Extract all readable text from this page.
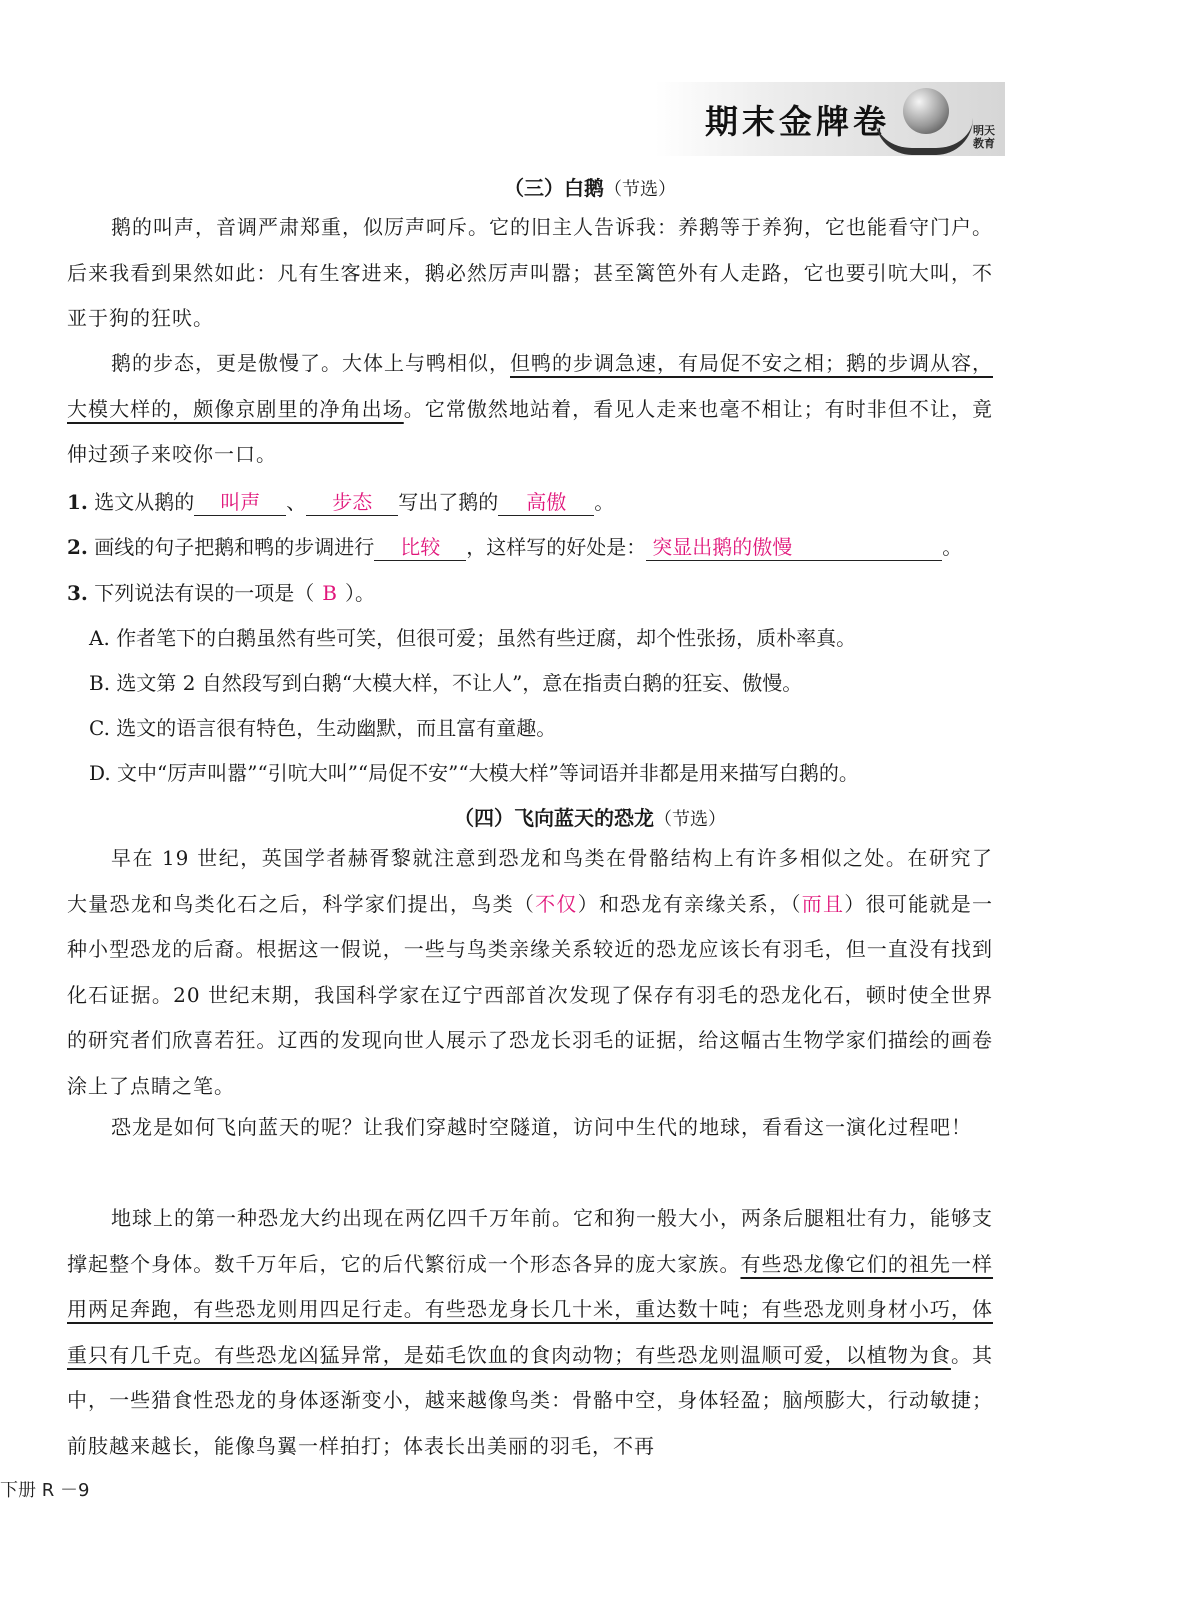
期末金牌卷	明天
教育
（三）白鹅（节选）

鹅的叫声，音调严肃郑重，似厉声呵斥。它的旧主人告诉我：养鹅等于养狗，它也能看守门户。后来我看到果然如此：凡有生客进来，鹅必然厉声叫嚣；甚至篱笆外有人走路，它也要引吭大叫，不亚于狗的狂吠。

鹅的步态，更是傲慢了。大体上与鸭相似，但鸭的步调急速，有局促不安之相；鹅的步调从容，大模大样的，颇像京剧里的净角出场。它常傲然地站着，看见人走来也毫不相让；有时非但不让，竟伸过颈子来咬你一口。

1. 选文从鹅的 叫声 、 步态 写出了鹅的 高傲 。
2. 画线的句子把鹅和鸭的步调进行 比较 ，这样写的好处是： 突显出鹅的傲慢	。
3. 下列说法有误的一项是（ B ）。
A. 作者笔下的白鹅虽然有些可笑，但很可爱；虽然有些迂腐，却个性张扬，质朴率真。
B. 选文第 2 自然段写到白鹅“大模大样，不让人”，意在指责白鹅的狂妄、傲慢。
C. 选文的语言很有特色，生动幽默，而且富有童趣。
D. 文中“厉声叫嚣”“引吭大叫”“局促不安”“大模大样”等词语并非都是用来描写白鹅的。
（四）飞向蓝天的恐龙（节选）

早在 19 世纪，英国学者赫胥黎就注意到恐龙和鸟类在骨骼结构上有许多相似之处。在研究了大量恐龙和鸟类化石之后，科学家们提出，鸟类（不仅）和恐龙有亲缘关系，（而且）很可能就是一种小型恐龙的后裔。根据这一假说，一些与鸟类亲缘关系较近的恐龙应该长有羽毛，但一直没有找到化石证据。20 世纪末期，我国科学家在辽宁西部首次发现了保存有羽毛的恐龙化石，顿时使全世界的研究者们欣喜若狂。辽西的发现向世人展示了恐龙长羽毛的证据，给这幅古生物学家们描绘的画卷涂上了点睛之笔。

恐龙是如何飞向蓝天的呢？让我们穿越时空隧道，访问中生代的地球，看看这一演化过程吧！

地球上的第一种恐龙大约出现在两亿四千万年前。它和狗一般大小，两条后腿粗壮有力，能够支撑起整个身体。数千万年后，它的后代繁衍成一个形态各异的庞大家族。有些恐龙像它们的祖先一样用两足奔跑，有些恐龙则用四足行走。有些恐龙身长几十米，重达数十吨；有些恐龙则身材小巧，体重只有几千克。有些恐龙凶猛异常，是茹毛饮血的食肉动物；有些恐龙则温顺可爱，以植物为食。其中，一些猎食性恐龙的身体逐渐变小，越来越像鸟类：骨骼中空，身体轻盈；脑颅膨大，行动敏捷；前肢越来越长，能像鸟翼一样拍打；体表长出美丽的羽毛，不再

下册 R －9
